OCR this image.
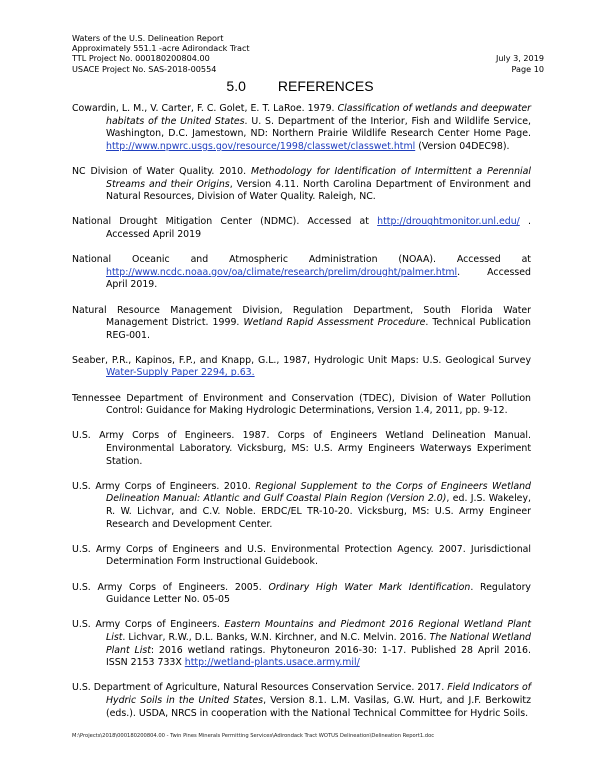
Waters of the U.S. Delineation Report
Approximately 551.1 -acre Adirondack Tract
TTL Project No. 000180200804.00	July 3, 2019
USACE Project No. SAS-2018-00554	Page 10
5.0 REFERENCES
Cowardin, L. M., V. Carter, F. C. Golet, E. T. LaRoe. 1979. Classification of wetlands and deepwater habitats of the United States. U. S. Department of the Interior, Fish and Wildlife Service, Washington, D.C. Jamestown, ND: Northern Prairie Wildlife Research Center Home Page. http://www.npwrc.usgs.gov/resource/1998/classwet/classwet.html (Version 04DEC98).
NC Division of Water Quality. 2010. Methodology for Identification of Intermittent a Perennial Streams and their Origins, Version 4.11. North Carolina Department of Environment and Natural Resources, Division of Water Quality. Raleigh, NC.
National Drought Mitigation Center (NDMC). Accessed at http://droughtmonitor.unl.edu/ . Accessed April 2019
National Oceanic and Atmospheric Administration (NOAA). Accessed at http://www.ncdc.noaa.gov/oa/climate/research/prelim/drought/palmer.html. Accessed April 2019.
Natural Resource Management Division, Regulation Department, South Florida Water Management District. 1999. Wetland Rapid Assessment Procedure. Technical Publication REG-001.
Seaber, P.R., Kapinos, F.P., and Knapp, G.L., 1987, Hydrologic Unit Maps: U.S. Geological Survey Water-Supply Paper 2294, p.63.
Tennessee Department of Environment and Conservation (TDEC), Division of Water Pollution Control: Guidance for Making Hydrologic Determinations, Version 1.4, 2011, pp. 9-12.
U.S. Army Corps of Engineers. 1987. Corps of Engineers Wetland Delineation Manual. Environmental Laboratory. Vicksburg, MS: U.S. Army Engineers Waterways Experiment Station.
U.S. Army Corps of Engineers. 2010. Regional Supplement to the Corps of Engineers Wetland Delineation Manual: Atlantic and Gulf Coastal Plain Region (Version 2.0), ed. J.S. Wakeley, R. W. Lichvar, and C.V. Noble. ERDC/EL TR-10-20. Vicksburg, MS: U.S. Army Engineer Research and Development Center.
U.S. Army Corps of Engineers and U.S. Environmental Protection Agency. 2007. Jurisdictional Determination Form Instructional Guidebook.
U.S. Army Corps of Engineers. 2005. Ordinary High Water Mark Identification. Regulatory Guidance Letter No. 05-05
U.S. Army Corps of Engineers. Eastern Mountains and Piedmont 2016 Regional Wetland Plant List. Lichvar, R.W., D.L. Banks, W.N. Kirchner, and N.C. Melvin. 2016. The National Wetland Plant List: 2016 wetland ratings. Phytoneuron 2016-30: 1-17. Published 28 April 2016. ISSN 2153 733X http://wetland-plants.usace.army.mil/
U.S. Department of Agriculture, Natural Resources Conservation Service. 2017. Field Indicators of Hydric Soils in the United States, Version 8.1. L.M. Vasilas, G.W. Hurt, and J.F. Berkowitz (eds.). USDA, NRCS in cooperation with the National Technical Committee for Hydric Soils.
M:\Projects\2018\000180200804.00 - Twin Pines Minerals Permitting Services\Adirondack Tract WOTUS Delineation\Delineation Report1.doc
